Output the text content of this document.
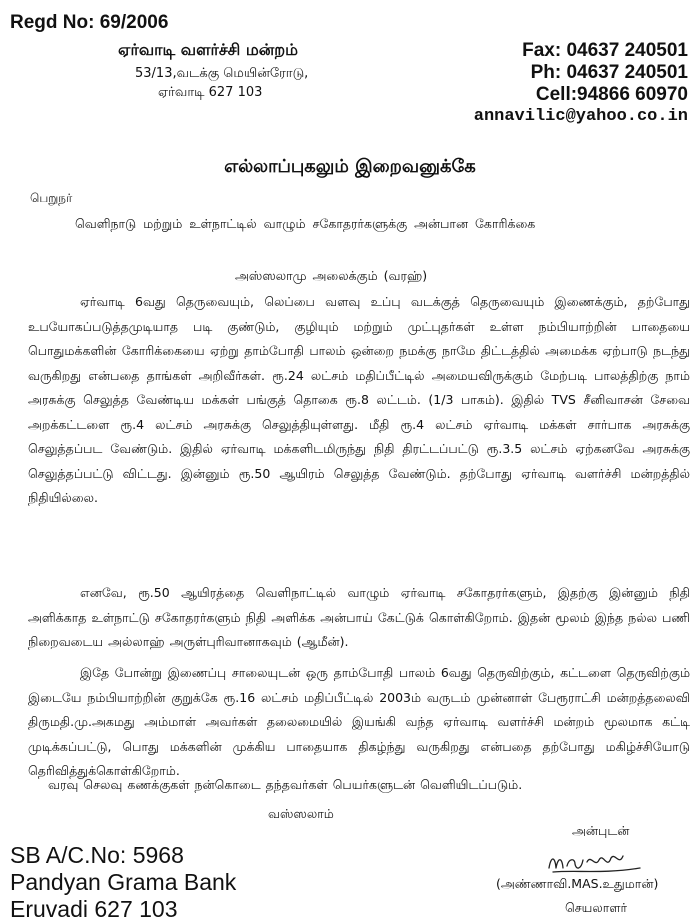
Regd No: 69/2006
ஏர்வாடி வளர்ச்சி மன்றம்
53/13,வடக்கு மெயின்ரோடு,
ஏர்வாடி 627 103
Fax: 04637 240501
Ph: 04637 240501
Cell:94866 60970
annavilic@yahoo.co.in
எல்லாப்புகலும் இறைவனுக்கே
பெறுநர்
வெளிநாடு மற்றும் உள்நாட்டில் வாழும் சகோதரர்களுக்கு அன்பான கோரிக்கை
அஸ்ஸலாமு அலைக்கும் (வரஹ்)

ஏர்வாடி 6வது தெருவையும், லெப்பை வளவு உப்பு வடக்குத் தெருவையும் இணைக்கும், தற்போது உபயோகப்படுத்தமுடியாத படி குண்டும், குழியும் மற்றும் முட்புதர்கள் உள்ள நம்பியாற்றின் பாதையை பொதுமக்களின் கோரிக்கையை ஏற்று தாம்போதி பாலம் ஒன்றை நமக்கு நாமே திட்டத்தில் அமைக்க ஏற்பாடு நடந்து வருகிறது என்பதை தாங்கள் அறிவீர்கள். ரூ.24 லட்சம் மதிப்பீட்டில் அமையவிருக்கும் மேற்படி பாலத்திற்கு நாம் அரசுக்கு செலுத்த வேண்டிய மக்கள் பங்குத் தொகை ரூ.8 லட்டம். (1/3 பாகம்). இதில் TVS சீனிவாசன் சேவை அறக்கட்டளை ரூ.4 லட்சம் அரசுக்கு செலுத்தியுள்ளது. மீதி ரூ.4 லட்சம் ஏர்வாடி மக்கள் சார்பாக அரசுக்கு செலுத்தப்பட வேண்டும். இதில் ஏர்வாடி மக்களிடமிருந்து நிதி திரட்டப்பட்டு ரூ.3.5 லட்சம் ஏற்கனவே அரசுக்கு செலுத்தப்பட்டு விட்டது. இன்னும் ரூ.50 ஆயிரம் செலுத்த வேண்டும். தற்போது ஏர்வாடி வளர்ச்சி மன்றத்தில் நிதியில்லை.

எனவே, ரூ.50 ஆயிரத்தை வெளிநாட்டில் வாழும் ஏர்வாடி சகோதரர்களும், இதற்கு இன்னும் நிதி அளிக்காத உள்நாட்டு சகோதரர்களும் நிதி அளிக்க அன்பாய் கேட்டுக் கொள்கிறோம். இதன் மூலம் இந்த நல்ல பணி நிறைவடைய அல்லாஹ் அருள்புரிவானாகவும் (ஆமீன்).

இதே போன்று இணைப்பு சாலையுடன் ஒரு தாம்போதி பாலம் 6வது தெருவிற்கும், கட்டளை தெருவிற்கும் இடையே நம்பியாற்றின் குறுக்கே ரூ.16 லட்சம் மதிப்பீட்டில் 2003ம் வருடம் முன்னாள் பேரூராட்சி மன்றத்தலைவி திருமதி.மு.அகமது அம்மாள் அவர்கள் தலைமையில் இயங்கி வந்த ஏர்வாடி வளர்ச்சி மன்றம் மூலமாக கட்டி முடிக்கப்பட்டு, பொது மக்களின் முக்கிய பாதையாக திகழ்ந்து வருகிறது என்பதை தற்போது மகிழ்ச்சியோடு தெரிவித்துக்கொள்கிறோம்.

வரவு செலவு கணக்குகள் நன்கொடை தந்தவர்கள் பெயர்களுடன் வெளியிடப்படும்.

வஸ்ஸலாம்
அன்புடன்
SB A/C.No: 5968
Pandyan Grama Bank
Eruvadi 627 103
(அண்ணாவி.MAS.உதுமான்)
செயலாளர்
